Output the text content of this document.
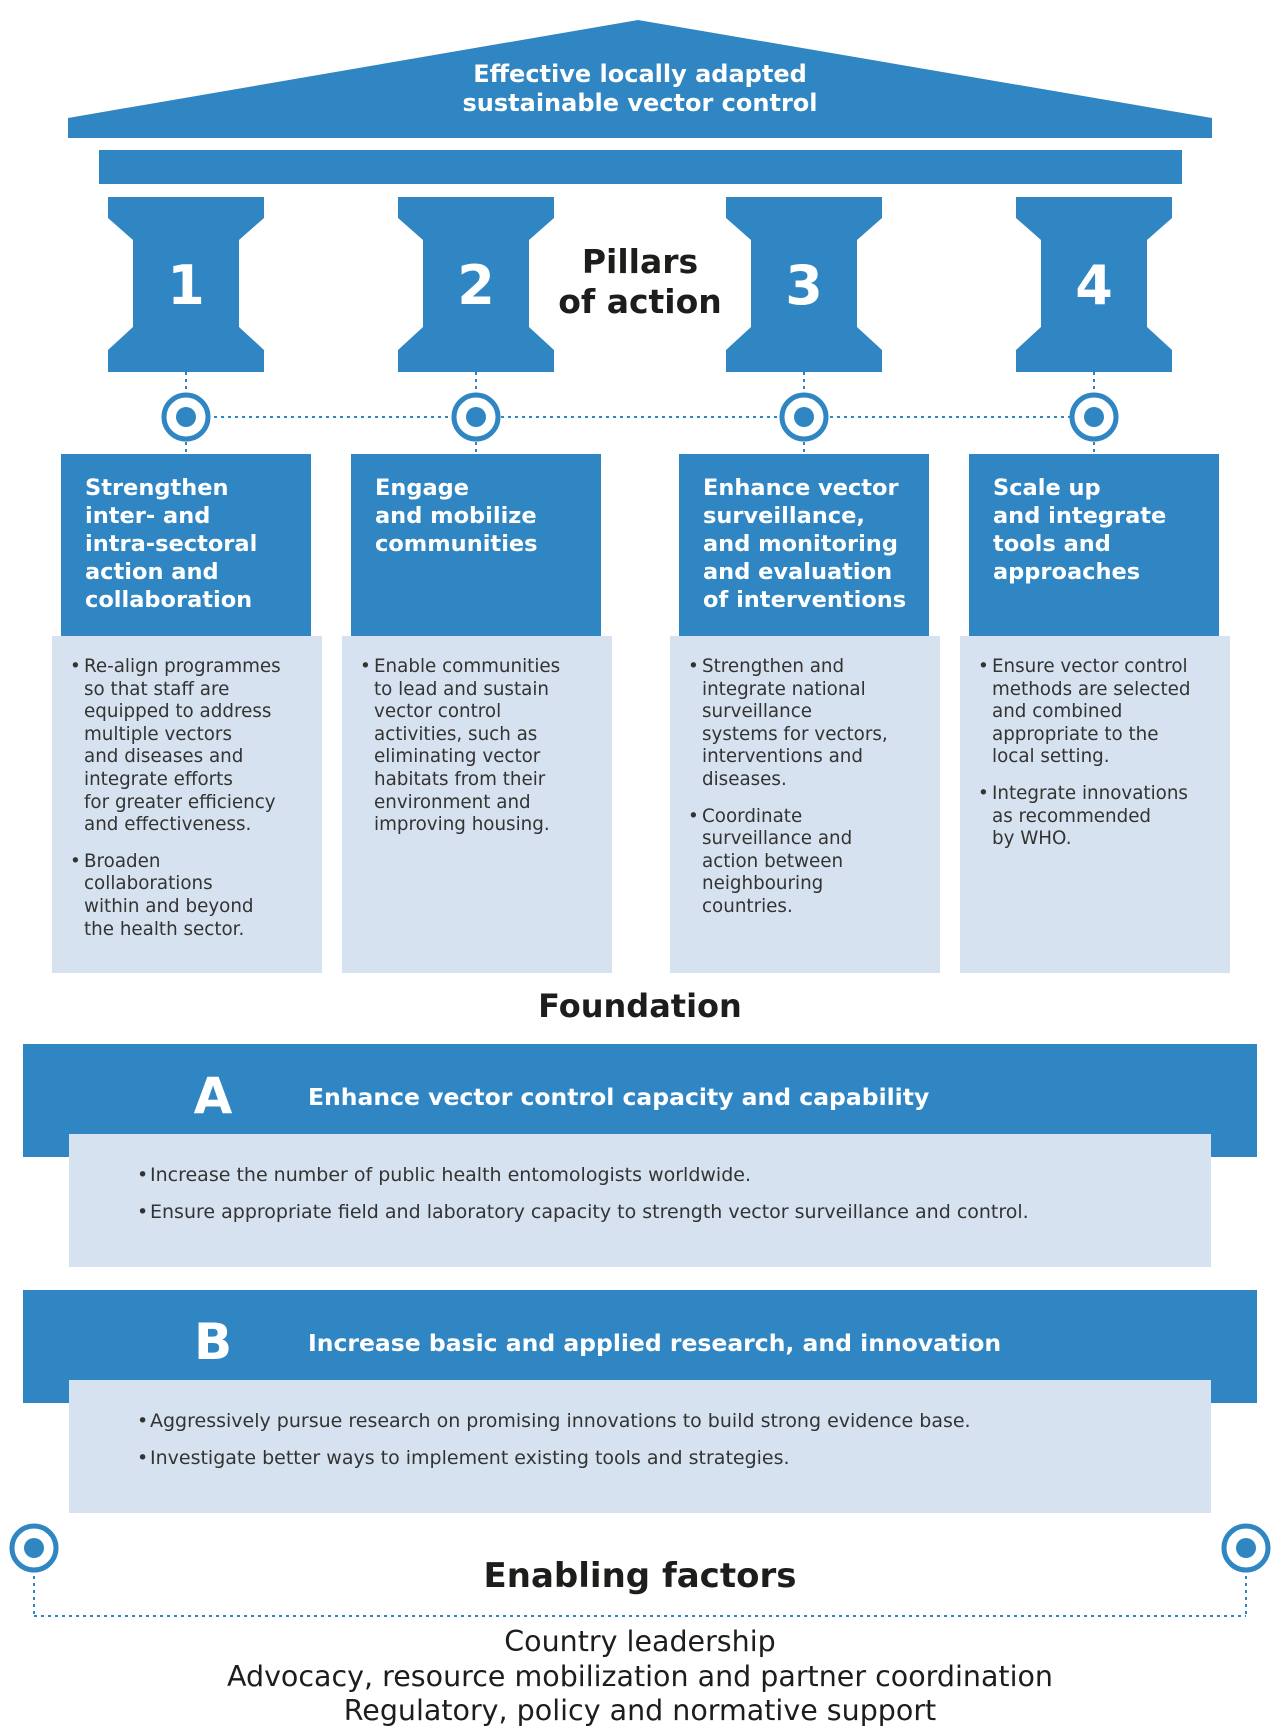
Effective locally adapted
sustainable vector control
Pillars
of action
1
• Re-align programmes
so that staff are
equipped to address
multiple vectors
and diseases and
integrate efforts
for greater efficiency
and effectiveness.
• Broaden
collaborations
within and beyond
the health sector.
Strengthen
inter- and
intra-sectoral
action and
collaboration
2
• Enable communities
to lead and sustain
vector control
activities, such as
eliminating vector
habitats from their
environment and
improving housing.
Engage
and mobilize
communities
3
• Strengthen and
integrate national
surveillance
systems for vectors,
interventions and
diseases.
• Coordinate
surveillance and
action between
neighbouring
countries.
Enhance vector
surveillance,
and monitoring
and evaluation
of interventions
4
• Ensure vector control
methods are selected
and combined
appropriate to the
local setting.
• Integrate innovations
as recommended
by WHO.
Scale up
and integrate
tools and
approaches
Foundation
A	Enhance vector control capacity and capability
• Increase the number of public health entomologists worldwide.
• Ensure appropriate field and laboratory capacity to strength vector surveillance and control.
B	Increase basic and applied research, and innovation
• Aggressively pursue research on promising innovations to build strong evidence base.
• Investigate better ways to implement existing tools and strategies.
Enabling factors
Country leadership
Advocacy, resource mobilization and partner coordination
Regulatory, policy and normative support
